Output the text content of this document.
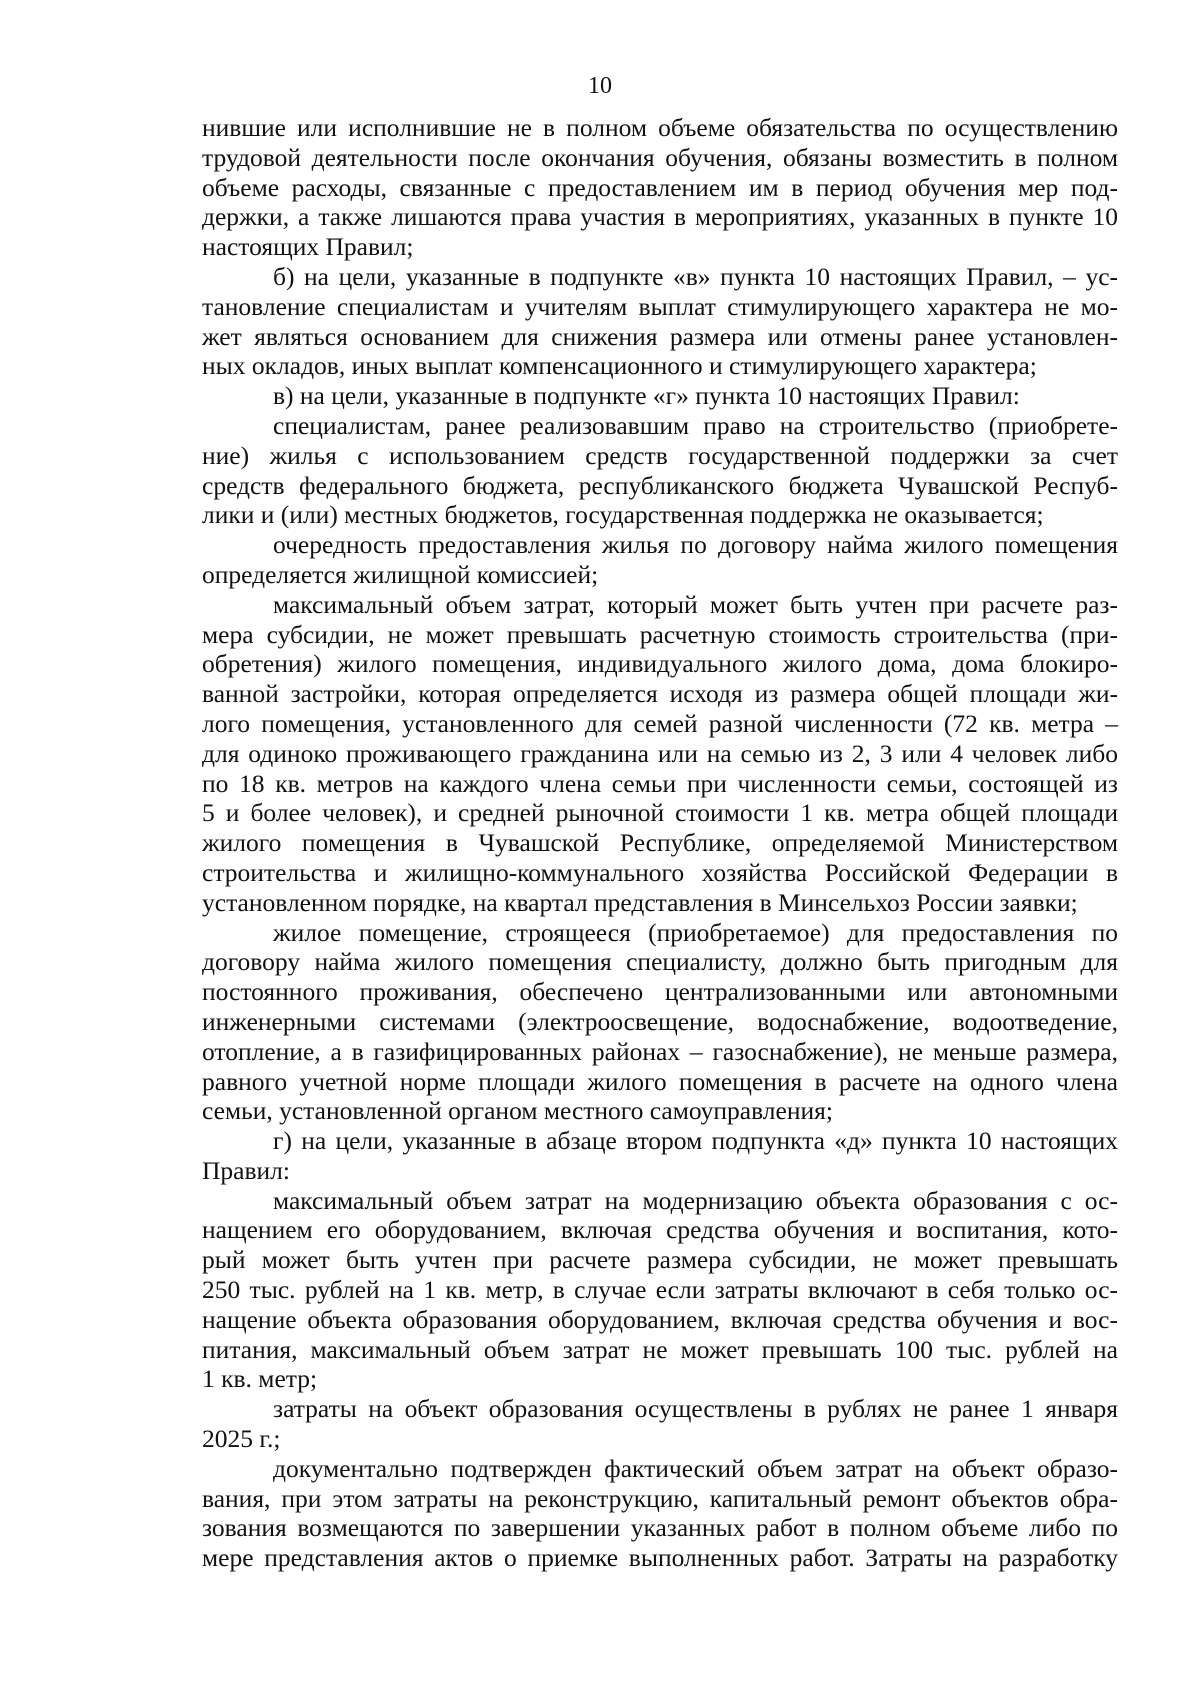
10
нившие или исполнившие не в полном объеме обязательства по осуществлению
трудовой деятельности после окончания обучения, обязаны возместить в полном
объеме расходы, связанные с предоставлением им в период обучения мер под-
держки, а также лишаются права участия в мероприятиях, указанных в пункте 10
настоящих Правил;
б) на цели, указанные в подпункте «в» пункта 10 настоящих Правил, – ус-
тановление специалистам и учителям выплат стимулирующего характера не мо-
жет являться основанием для снижения размера или отмены ранее установлен-
ных окладов, иных выплат компенсационного и стимулирующего характера;
в) на цели, указанные в подпункте «г» пункта 10 настоящих Правил:
специалистам, ранее реализовавшим право на строительство (приобрете-
ние) жилья с использованием средств государственной поддержки за счет
средств федерального бюджета, республиканского бюджета Чувашской Респуб-
лики и (или) местных бюджетов, государственная поддержка не оказывается;
очередность предоставления жилья по договору найма жилого помещения
определяется жилищной комиссией;
максимальный объем затрат, который может быть учтен при расчете раз-
мера субсидии, не может превышать расчетную стоимость строительства (при-
обретения) жилого помещения, индивидуального жилого дома, дома блокиро-
ванной застройки, которая определяется исходя из размера общей площади жи-
лого помещения, установленного для семей разной численности (72 кв. метра –
для одиноко проживающего гражданина или на семью из 2, 3 или 4 человек либо
по 18 кв. метров на каждого члена семьи при численности семьи, состоящей из
5 и более человек), и средней рыночной стоимости 1 кв. метра общей площади
жилого помещения в Чувашской Республике, определяемой Министерством
строительства и жилищно-коммунального хозяйства Российской Федерации в
установленном порядке, на квартал представления в Минсельхоз России заявки;
жилое помещение, строящееся (приобретаемое) для предоставления по
договору найма жилого помещения специалисту, должно быть пригодным для
постоянного проживания, обеспечено централизованными или автономными
инженерными системами (электроосвещение, водоснабжение, водоотведение,
отопление, а в газифицированных районах – газоснабжение), не меньше размера,
равного учетной норме площади жилого помещения в расчете на одного члена
семьи, установленной органом местного самоуправления;
г) на цели, указанные в абзаце втором подпункта «д» пункта 10 настоящих
Правил:
максимальный объем затрат на модернизацию объекта образования с ос-
нащением его оборудованием, включая средства обучения и воспитания, кото-
рый может быть учтен при расчете размера субсидии, не может превышать
250 тыс. рублей на 1 кв. метр, в случае если затраты включают в себя только ос-
нащение объекта образования оборудованием, включая средства обучения и вос-
питания, максимальный объем затрат не может превышать 100 тыс. рублей на
1 кв. метр;
затраты на объект образования осуществлены в рублях не ранее 1 января
2025 г.;
документально подтвержден фактический объем затрат на объект образо-
вания, при этом затраты на реконструкцию, капитальный ремонт объектов обра-
зования возмещаются по завершении указанных работ в полном объеме либо по
мере представления актов о приемке выполненных работ. Затраты на разработку
